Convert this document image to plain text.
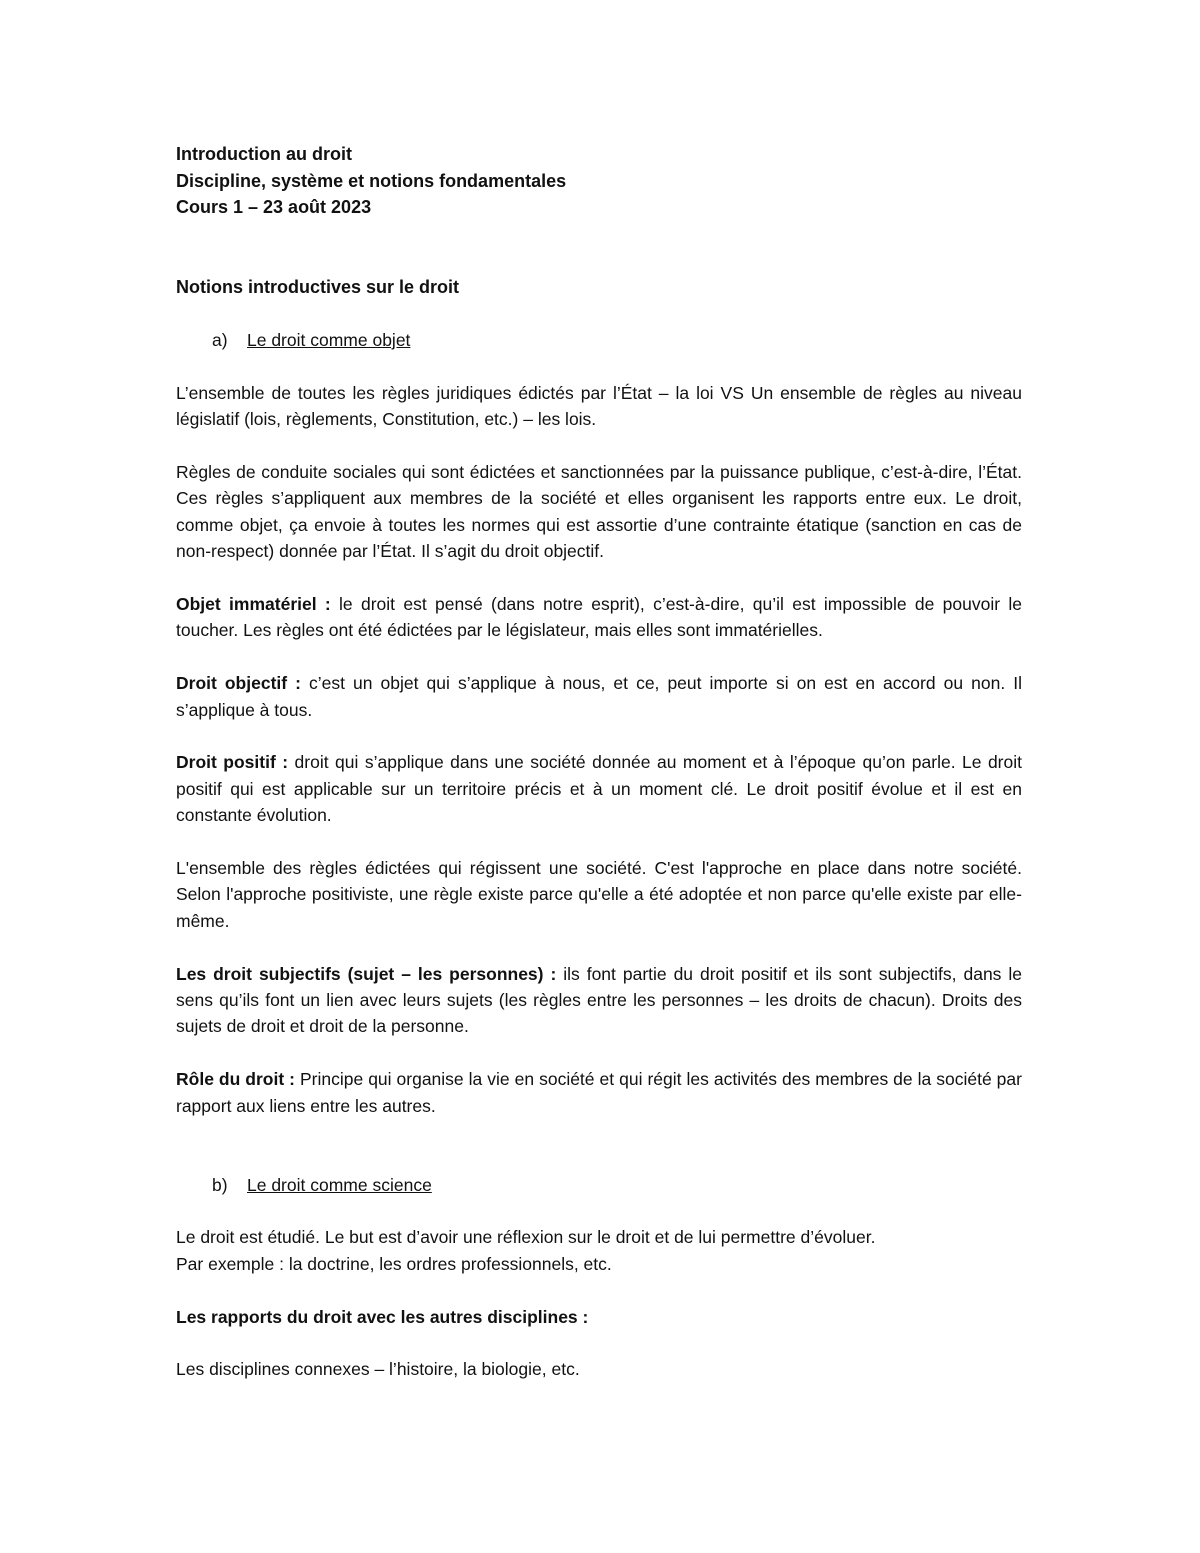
Introduction au droit
Discipline, système et notions fondamentales
Cours 1 – 23 août 2023
Notions introductives sur le droit
a) Le droit comme objet

L’ensemble de toutes les règles juridiques édictés par l’État – la loi VS Un ensemble de règles au niveau législatif (lois, règlements, Constitution, etc.) – les lois.

Règles de conduite sociales qui sont édictées et sanctionnées par la puissance publique, c’est-à-dire, l’État. Ces règles s’appliquent aux membres de la société et elles organisent les rapports entre eux. Le droit, comme objet, ça envoie à toutes les normes qui est assortie d’une contrainte étatique (sanction en cas de non-respect) donnée par l’État. Il s’agit du droit objectif.

Objet immatériel : le droit est pensé (dans notre esprit), c’est-à-dire, qu’il est impossible de pouvoir le toucher. Les règles ont été édictées par le législateur, mais elles sont immatérielles.

Droit objectif : c’est un objet qui s’applique à nous, et ce, peut importe si on est en accord ou non. Il s’applique à tous.

Droit positif : droit qui s’applique dans une société donnée au moment et à l’époque qu’on parle. Le droit positif qui est applicable sur un territoire précis et à un moment clé. Le droit positif évolue et il est en constante évolution.

L'ensemble des règles édictées qui régissent une société. C'est l'approche en place dans notre société. Selon l'approche positiviste, une règle existe parce qu'elle a été adoptée et non parce qu'elle existe par elle-même.

Les droit subjectifs (sujet – les personnes) : ils font partie du droit positif et ils sont subjectifs, dans le sens qu’ils font un lien avec leurs sujets (les règles entre les personnes – les droits de chacun). Droits des sujets de droit et droit de la personne.

Rôle du droit : Principe qui organise la vie en société et qui régit les activités des membres de la société par rapport aux liens entre les autres.

b) Le droit comme science

Le droit est étudié. Le but est d’avoir une réflexion sur le droit et de lui permettre d’évoluer.
Par exemple : la doctrine, les ordres professionnels, etc.

Les rapports du droit avec les autres disciplines :

Les disciplines connexes – l’histoire, la biologie, etc.
